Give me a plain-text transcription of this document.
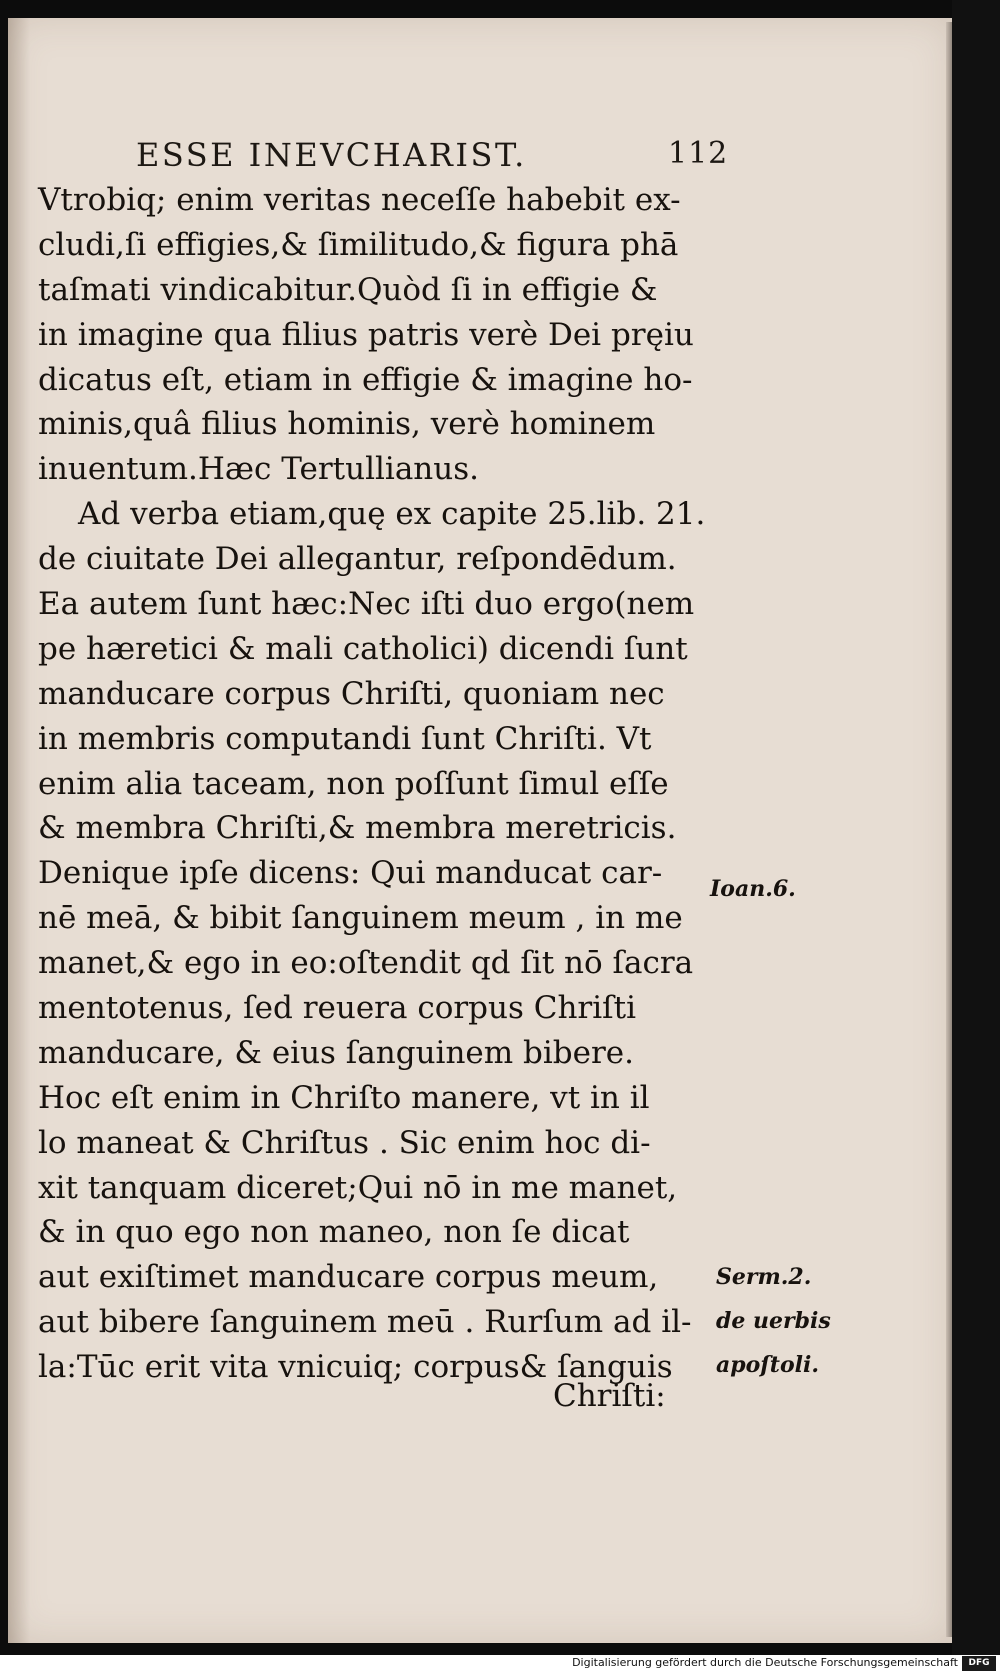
ESSE INEVCHARIST.	112
Vtrobiq; enim veritas neceſſe habebit ex-
cludi,ſi effigies,& ſimilitudo,& figura phā
taſmati vindicabitur.Quòd ſi in effigie &
in imagine qua filius patris verè Dei pręiu
dicatus eſt, etiam in effigie & imagine ho-
minis,quâ filius hominis, verè hominem
inuentum.Hæc Tertullianus.
Ad verba etiam,quę ex capite 25.lib. 21.
de ciuitate Dei allegantur, reſpondēdum.
Ea autem ſunt hæc:Nec iſti duo ergo(nem
pe hæretici & mali catholici) dicendi ſunt
manducare corpus Chriſti, quoniam nec
in membris computandi ſunt Chriſti. Vt
enim alia taceam, non poſſunt ſimul eſſe
& membra Chriſti,& membra meretricis.
Denique ipſe dicens: Qui manducat car-
nē meā, & bibit ſanguinem meum , in me
manet,& ego in eo:oſtendit qd ſit nō ſacra
mentotenus, ſed reuera corpus Chriſti
manducare, & eius ſanguinem bibere.
Hoc eſt enim in Chriſto manere, vt in il
lo maneat & Chriſtus . Sic enim hoc di-
xit tanquam diceret;Qui nō in me manet,
& in quo ego non maneo, non ſe dicat
aut exiſtimet manducare corpus meum,
aut bibere ſanguinem meū . Rurſum ad il-
la:Tūc erit vita vnicuiq; corpus& ſanguis
Chriſti:
Ioan.6.
Serm.2.
de uerbis
apoſtoli.
Digitalisierung gefördert durch die Deutsche Forschungsgemeinschaft	DFG
